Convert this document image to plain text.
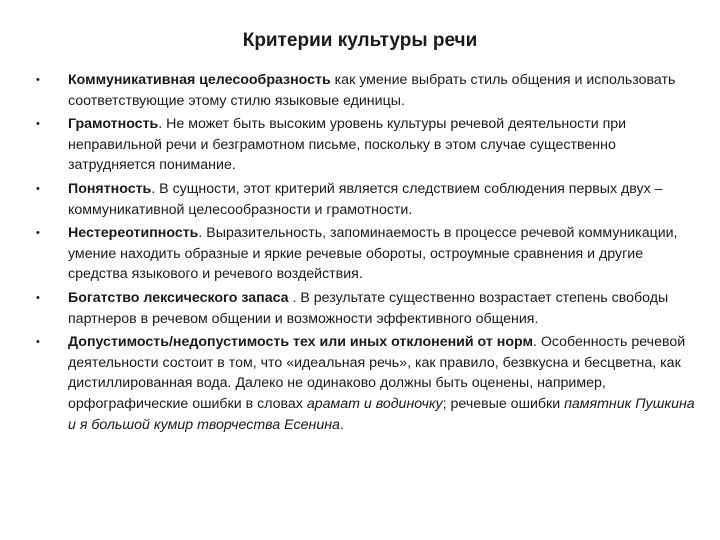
Критерии культуры речи
•	Коммуникативная целесообразность как умение выбрать стиль общения и использовать соответствующие этому стилю языковые единицы.
•	Грамотность. Не может быть высоким уровень культуры речевой деятельности при неправильной речи и безграмотном письме, поскольку в этом случае существенно затрудняется понимание.
•	Понятность. В сущности, этот критерий является следствием соблюдения первых двух – коммуникативной целесообразности и грамотности.
•	Нестереотипность. Выразительность, запоминаемость в процессе речевой коммуникации, умение находить образные и яркие речевые обороты, остроумные сравнения и другие средства языкового и речевого воздействия.
•	Богатство лексического запаса . В результате существенно возрастает степень свободы партнеров в речевом общении и возможности эффективного общения.
•	Допустимость/недопустимость тех или иных отклонений от норм. Особенность речевой деятельности состоит в том, что «идеальная речь», как правило, безвкусна и бесцветна, как дистиллированная вода. Далеко не одинаково должны быть оценены, например, орфографические ошибки в словах арамат и водиночку; речевые ошибки памятник Пушкина и я большой кумир творчества Есенина.
